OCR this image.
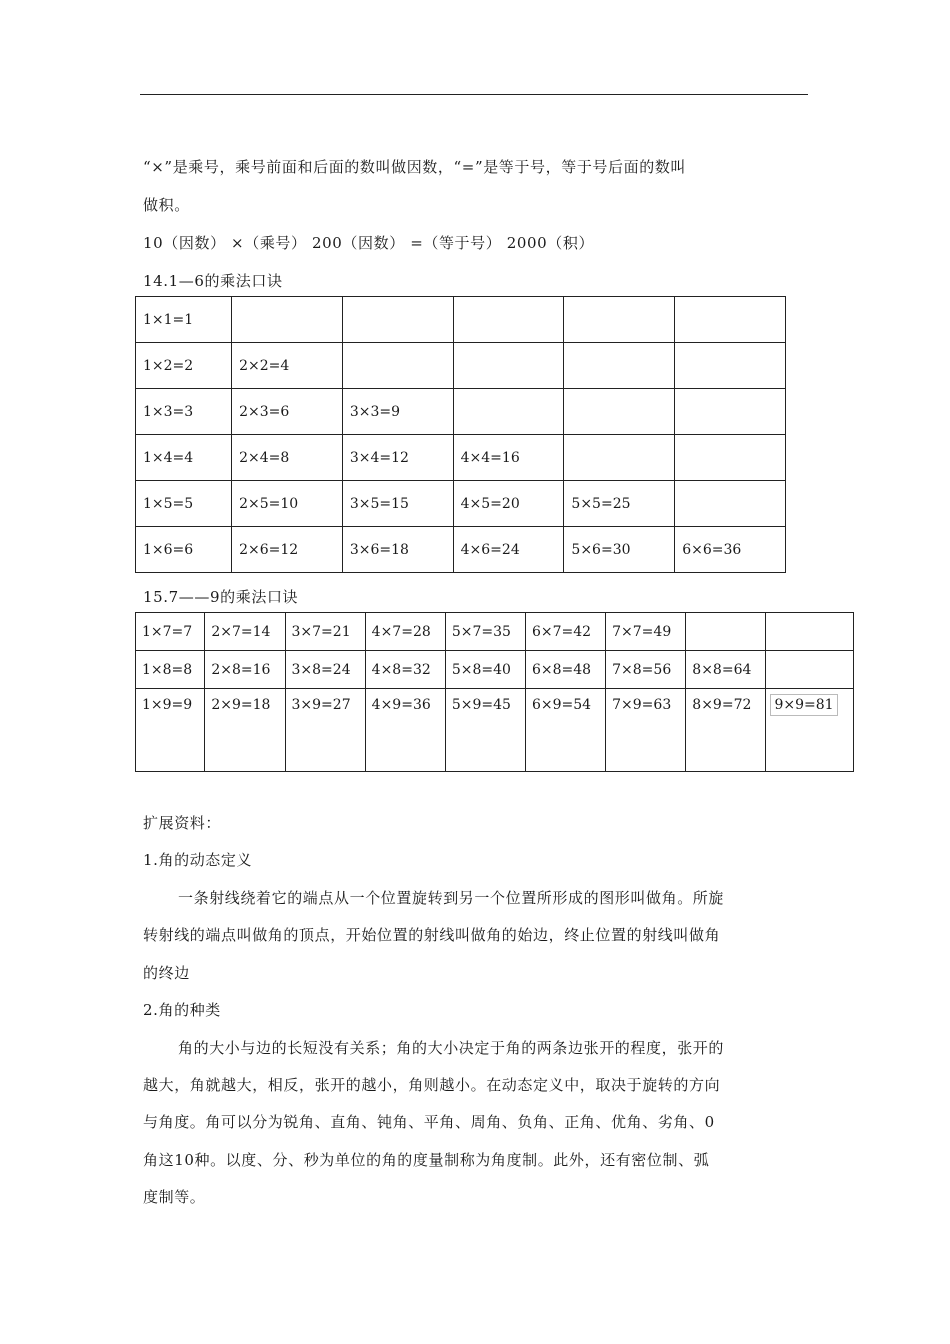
“×”是乘号，乘号前面和后面的数叫做因数，“=”是等于号，等于号后面的数叫
做积。
10（因数） ×（乘号） 200（因数） =（等于号） 2000（积）
14.1—6的乘法口诀
1×1=1					
1×2=2	2×2=4				
1×3=3	2×3=6	3×3=9			
1×4=4	2×4=8	3×4=12	4×4=16		
1×5=5	2×5=10	3×5=15	4×5=20	5×5=25	
1×6=6	2×6=12	3×6=18	4×6=24	5×6=30	6×6=36
15.7——9的乘法口诀
1×7=7	2×7=14	3×7=21	4×7=28	5×7=35	6×7=42	7×7=49		
1×8=8	2×8=16	3×8=24	4×8=32	5×8=40	6×8=48	7×8=56	8×8=64	
1×9=9	2×9=18	3×9=27	4×9=36	5×9=45	6×9=54	7×9=63	8×9=72	9×9=81
扩展资料：
1.角的动态定义
一条射线绕着它的端点从一个位置旋转到另一个位置所形成的图形叫做角。所旋
转射线的端点叫做角的顶点，开始位置的射线叫做角的始边，终止位置的射线叫做角
的终边
2.角的种类
角的大小与边的长短没有关系；角的大小决定于角的两条边张开的程度，张开的
越大，角就越大，相反，张开的越小，角则越小。在动态定义中，取决于旋转的方向
与角度。角可以分为锐角、直角、钝角、平角、周角、负角、正角、优角、劣角、0
角这10种。以度、分、秒为单位的角的度量制称为角度制。此外，还有密位制、弧
度制等。
